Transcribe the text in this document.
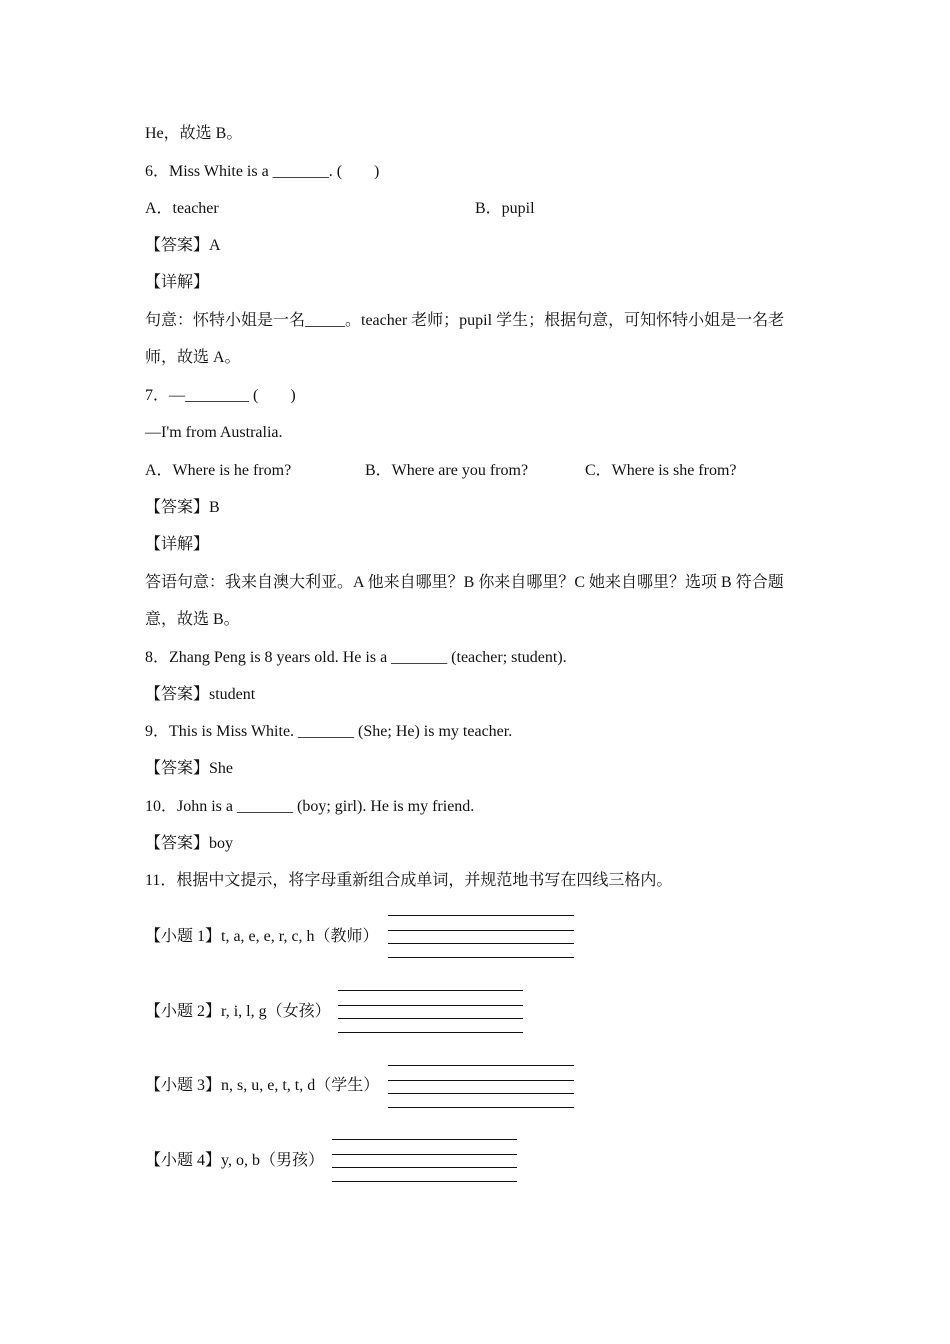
He，故选 B。
6．Miss White is a _______. (　　)
A．teacher	B．pupil
【答案】A
【详解】
句意：怀特小姐是一名_____。teacher 老师；pupil 学生；根据句意，可知怀特小姐是一名老
师，故选 A。
7．—________ (　　)
—I'm from Australia.
A．Where is he from?	B．Where are you from?	C．Where is she from?
【答案】B
【详解】
答语句意：我来自澳大利亚。A 他来自哪里？B 你来自哪里？C 她来自哪里？选项 B 符合题
意，故选 B。
8．Zhang Peng is 8 years old. He is a _______ (teacher; student).
【答案】student
9．This is Miss White. _______ (She; He) is my teacher.
【答案】She
10．John is a _______ (boy; girl). He is my friend.
【答案】boy
11．根据中文提示，将字母重新组合成单词，并规范地书写在四线三格内。
【小题 1】t, a, e, e, r, c, h（教师）
【小题 2】r, i, l, g（女孩）
【小题 3】n, s, u, e, t, t, d（学生）
【小题 4】y, o, b（男孩）
